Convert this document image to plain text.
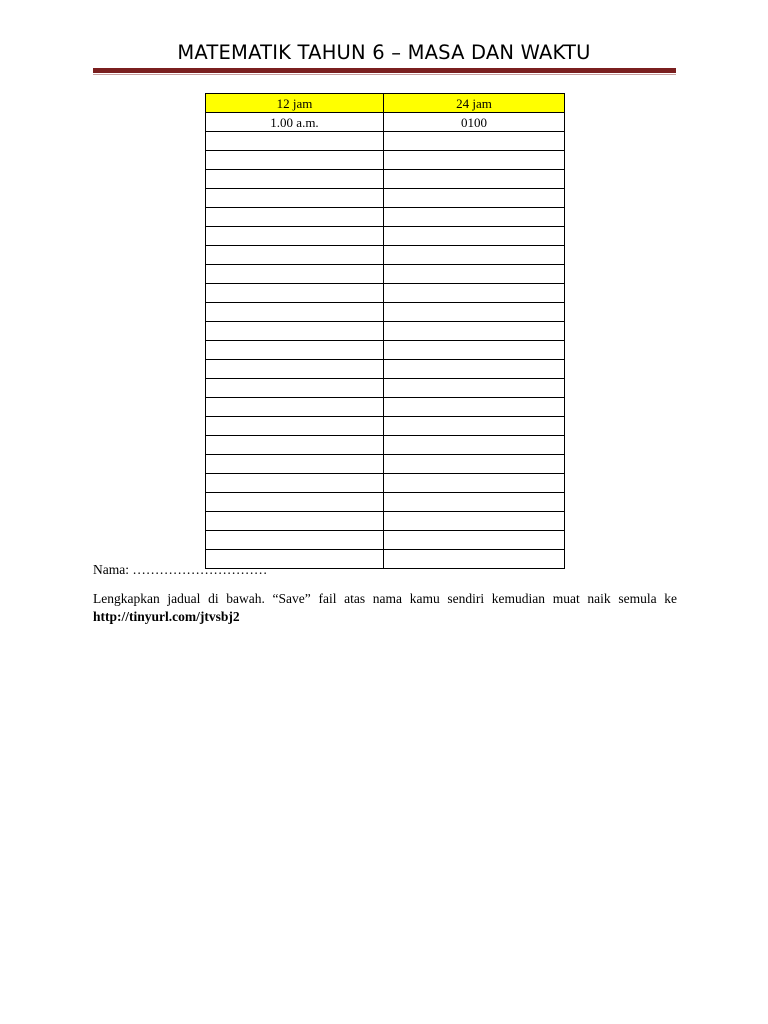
MATEMATIK TAHUN 6 – MASA DAN WAKTU
12 jam	24 jam
1.00 a.m.	0100

Nama: …………………………
Lengkapkan jadual di bawah. “Save” fail atas nama kamu sendiri kemudian muat naik semula ke http://tinyurl.com/jtvsbj2
